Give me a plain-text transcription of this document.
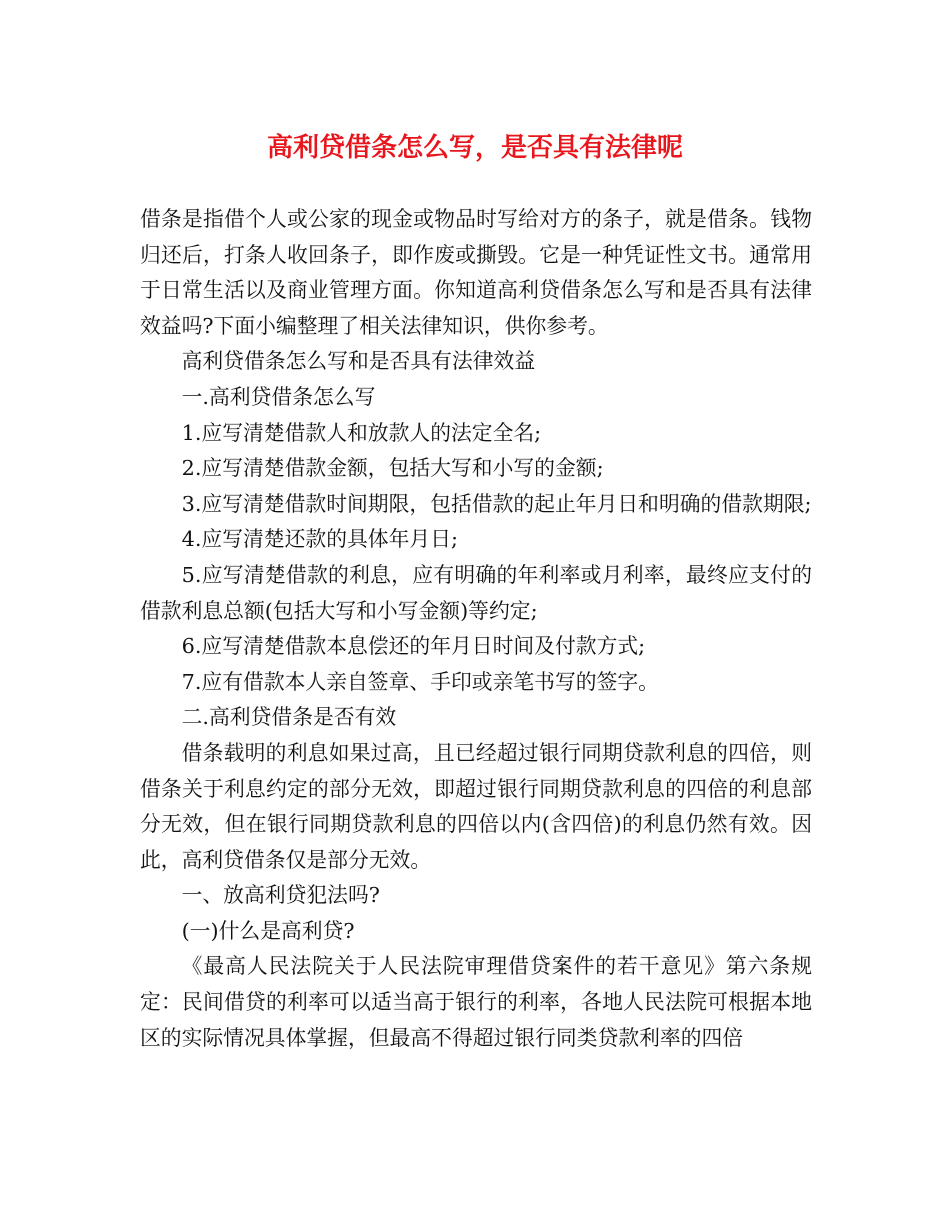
高利贷借条怎么写，是否具有法律呢

借条是指借个人或公家的现金或物品时写给对方的条子，就是借条。钱物归还后，打条人收回条子，即作废或撕毁。它是一种凭证性文书。通常用于日常生活以及商业管理方面。你知道高利贷借条怎么写和是否具有法律效益吗?下面小编整理了相关法律知识，供你参考。

高利贷借条怎么写和是否具有法律效益

一.高利贷借条怎么写

1.应写清楚借款人和放款人的法定全名;

2.应写清楚借款金额，包括大写和小写的金额;

3.应写清楚借款时间期限，包括借款的起止年月日和明确的借款期限;

4.应写清楚还款的具体年月日;

5.应写清楚借款的利息，应有明确的年利率或月利率，最终应支付的借款利息总额(包括大写和小写金额)等约定;

6.应写清楚借款本息偿还的年月日时间及付款方式;

7.应有借款本人亲自签章、手印或亲笔书写的签字。

二.高利贷借条是否有效

借条载明的利息如果过高，且已经超过银行同期贷款利息的四倍，则借条关于利息约定的部分无效，即超过银行同期贷款利息的四倍的利息部分无效，但在银行同期贷款利息的四倍以内(含四倍)的利息仍然有效。因此，高利贷借条仅是部分无效。

一、放高利贷犯法吗?

(一)什么是高利贷?

《最高人民法院关于人民法院审理借贷案件的若干意见》第六条规定：民间借贷的利率可以适当高于银行的利率，各地人民法院可根据本地区的实际情况具体掌握，但最高不得超过银行同类贷款利率的四倍
